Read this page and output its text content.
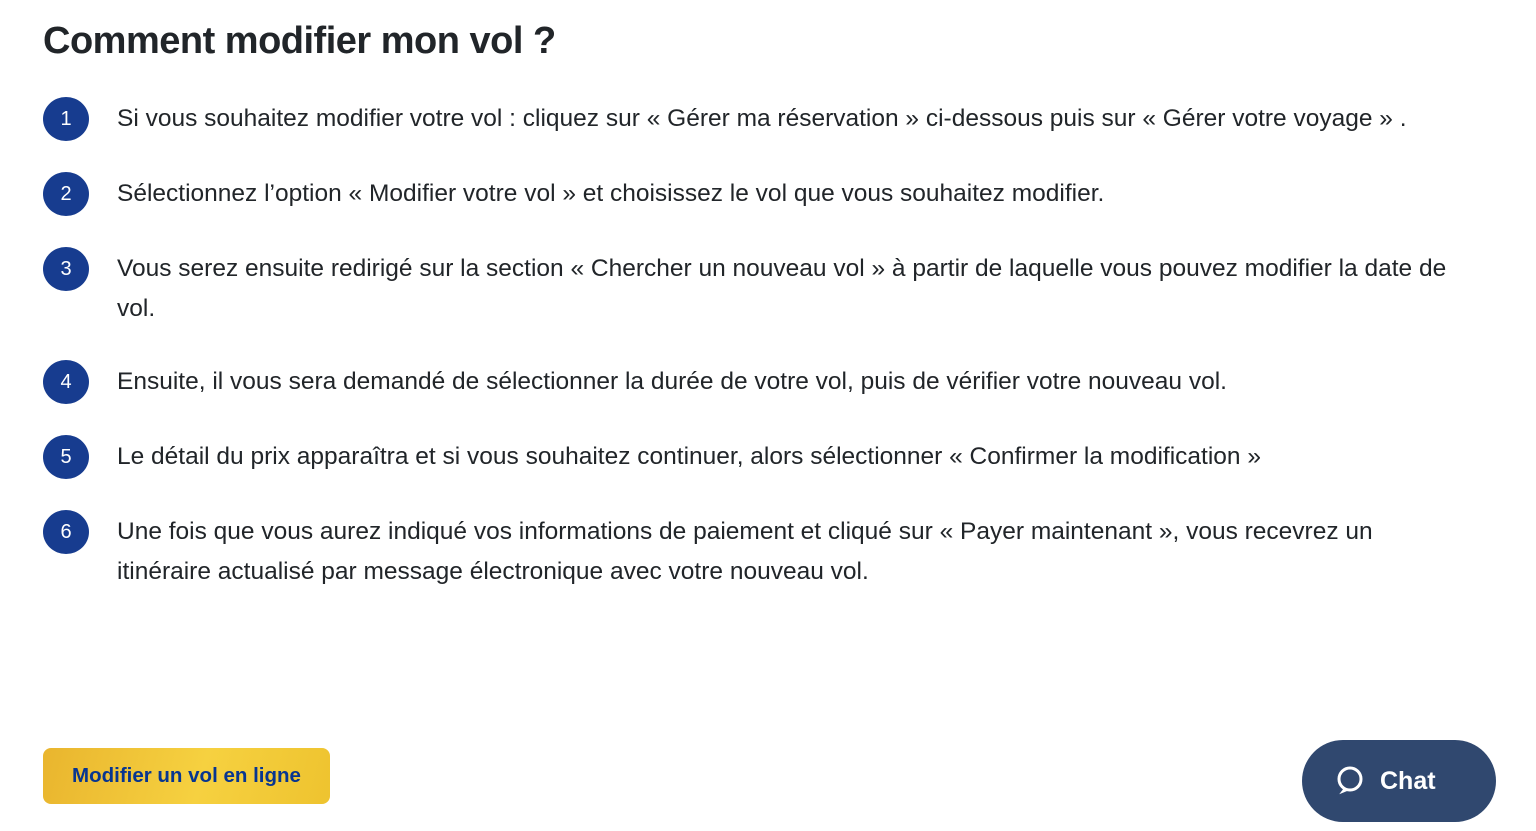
Comment modifier mon vol ?
1	Si vous souhaitez modifier votre vol : cliquez sur « Gérer ma réservation » ci-dessous puis sur « Gérer votre voyage » .
2	Sélectionnez l’option « Modifier votre vol » et choisissez le vol que vous souhaitez modifier.
3	Vous serez ensuite redirigé sur la section « Chercher un nouveau vol » à partir de laquelle vous pouvez modifier la date de vol.
4	Ensuite, il vous sera demandé de sélectionner la durée de votre vol, puis de vérifier votre nouveau vol.
5	Le détail du prix apparaîtra et si vous souhaitez continuer, alors sélectionner « Confirmer la modification »
6	Une fois que vous aurez indiqué vos informations de paiement et cliqué sur « Payer maintenant », vous recevrez un itinéraire actualisé par message électronique avec votre nouveau vol.
Modifier un vol en ligne	Chat
